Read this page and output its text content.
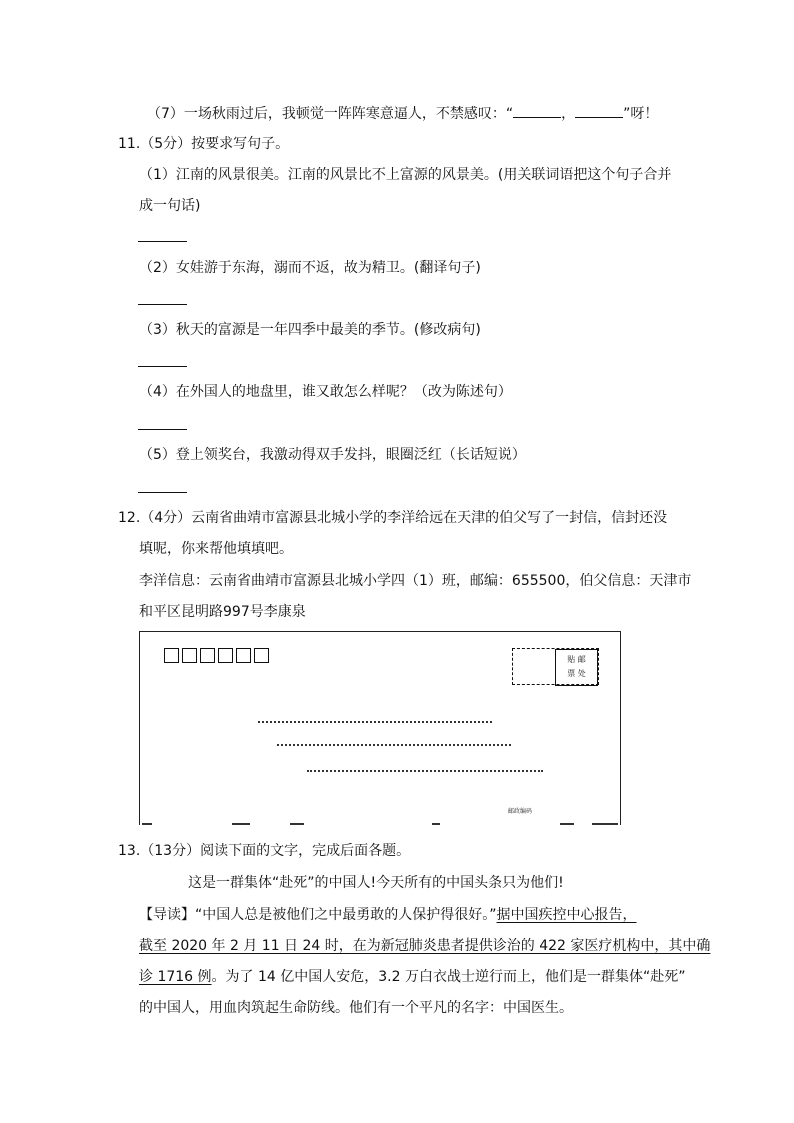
（7）一场秋雨过后，我顿觉一阵阵寒意逼人，不禁感叹：“	，	”呀！
11.（5分）按要求写句子。
（1）江南的风景很美。江南的风景比不上富源的风景美。(用关联词语把这个句子合并
成一句话)
（2）女娃游于东海，溺而不返，故为精卫。(翻译句子)
（3）秋天的富源是一年四季中最美的季节。(修改病句)
（4）在外国人的地盘里，谁又敢怎么样呢？（改为陈述句）
（5）登上领奖台，我激动得双手发抖，眼圈泛红（长话短说）
12.（4分）云南省曲靖市富源县北城小学的李洋给远在天津的伯父写了一封信，信封还没
填呢，你来帮他填填吧。
李洋信息：云南省曲靖市富源县北城小学四（1）班，邮编：655500，伯父信息：天津市
和平区昆明路997号李康泉
贴 邮
票 处
邮政编码
13.（13分）阅读下面的文字，完成后面各题。
这是一群集体“赴死”的中国人!今天所有的中国头条只为他们!
【导读】“中国人总是被他们之中最勇敢的人保护得很好。”据中国疾控中心报告，
截至 2020 年 2 月 11 日 24 时，在为新冠肺炎患者提供诊治的 422 家医疗机构中，其中确
诊 1716 例。为了 14 亿中国人安危，3.2 万白衣战士逆行而上，他们是一群集体“赴死”
的中国人，用血肉筑起生命防线。他们有一个平凡的名字：中国医生。
